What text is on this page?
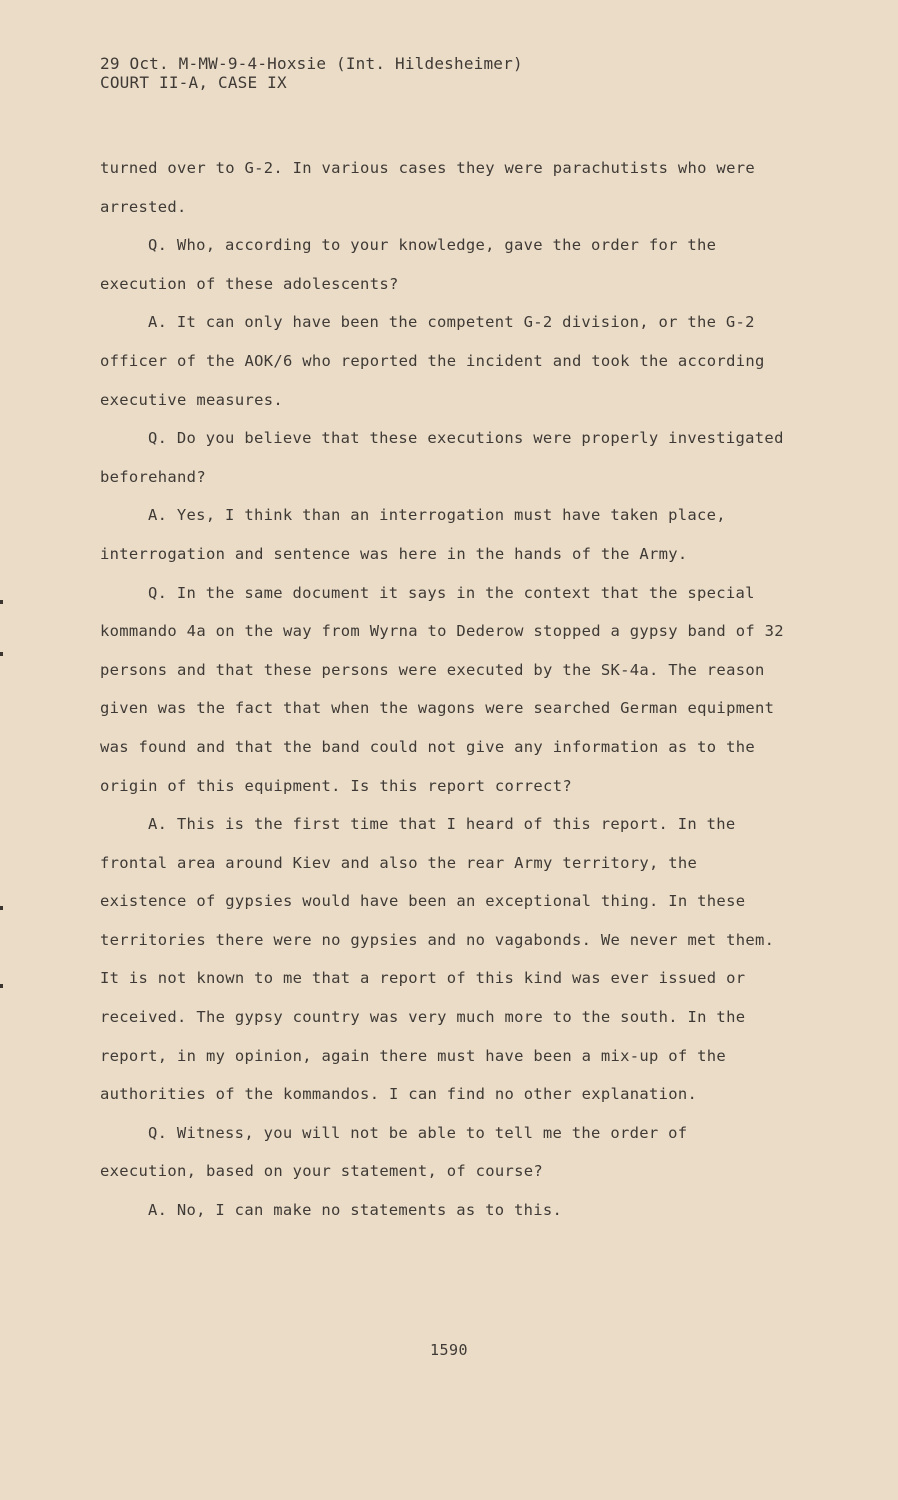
29 Oct. M-MW-9-4-Hoxsie (Int. Hildesheimer)
COURT II-A, CASE IX

turned over to G-2. In various cases they were parachutists who were arrested.

Q. Who, according to your knowledge, gave the order for the execution of these adolescents?

A. It can only have been the competent G-2 division, or the G-2 officer of the AOK/6 who reported the incident and took the according executive measures.

Q. Do you believe that these executions were properly investigated beforehand?

A. Yes, I think than an interrogation must have taken place, interrogation and sentence was here in the hands of the Army.

Q. In the same document it says in the context that the special kommando 4a on the way from Wyrna to Dederow stopped a gypsy band of 32 persons and that these persons were executed by the SK-4a. The reason given was the fact that when the wagons were searched German equipment was found and that the band could not give any information as to the origin of this equipment. Is this report correct?

A. This is the first time that I heard of this report. In the frontal area around Kiev and also the rear Army territory, the existence of gypsies would have been an exceptional thing. In these territories there were no gypsies and no vagabonds. We never met them. It is not known to me that a report of this kind was ever issued or received. The gypsy country was very much more to the south. In the report, in my opinion, again there must have been a mix-up of the authorities of the kommandos. I can find no other explanation.

Q. Witness, you will not be able to tell me the order of execution, based on your statement, of course?

A. No, I can make no statements as to this.

1590
